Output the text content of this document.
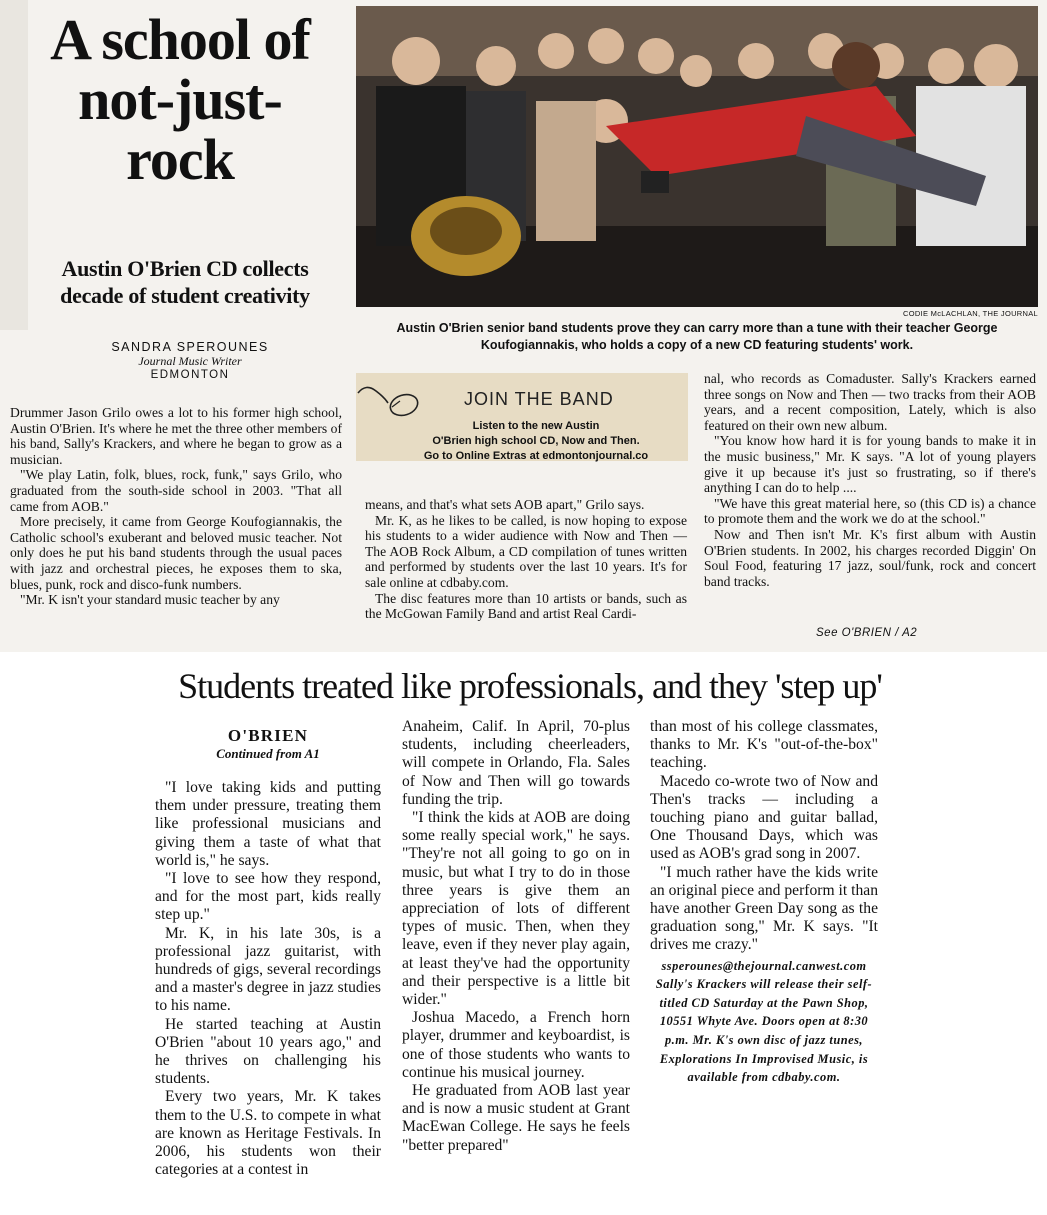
A school of not-just-rock
Austin O'Brien CD collects decade of student creativity
CODIE McLACHLAN, THE JOURNAL
Austin O'Brien senior band students prove they can carry more than a tune with their teacher George Koufogiannakis, who holds a copy of a new CD featuring students' work.
SANDRA SPEROUNES
Journal Music Writer
EDMONTON

Drummer Jason Grilo owes a lot to his former high school, Austin O'Brien. It's where he met the three other members of his band, Sally's Krackers, and where he began to grow as a musician.

"We play Latin, folk, blues, rock, funk," says Grilo, who graduated from the south-side school in 2003. "That all came from AOB."

More precisely, it came from George Koufogiannakis, the Catholic school's exuberant and beloved music teacher. Not only does he put his band students through the usual paces with jazz and orchestral pieces, he exposes them to ska, blues, punk, rock and disco-funk numbers.

"Mr. K isn't your standard music teacher by any

JOIN THE BAND
Listen to the new Austin
O'Brien high school CD, Now and Then.
Go to Online Extras at edmontonjournal.co

means, and that's what sets AOB apart," Grilo says.

Mr. K, as he likes to be called, is now hoping to expose his students to a wider audience with Now and Then — The AOB Rock Album, a CD compilation of tunes written and performed by students over the last 10 years. It's for sale online at cdbaby.com.

The disc features more than 10 artists or bands, such as the McGowan Family Band and artist Real Cardi-

nal, who records as Comaduster. Sally's Krackers earned three songs on Now and Then — two tracks from their AOB years, and a recent composition, Lately, which is also featured on their own new album.

"You know how hard it is for young bands to make it in the music business," Mr. K says. "A lot of young players give it up because it's just so frustrating, so if there's anything I can do to help ....

"We have this great material here, so (this CD is) a chance to promote them and the work we do at the school."

Now and Then isn't Mr. K's first album with Austin O'Brien students. In 2002, his charges recorded Diggin' On Soul Food, featuring 17 jazz, soul/funk, rock and concert band tracks.

See O'BRIEN / A2
Students treated like professionals, and they 'step up'
O'BRIEN
Continued from A1

"I love taking kids and putting them under pressure, treating them like professional musicians and giving them a taste of what that world is," he says.

"I love to see how they respond, and for the most part, kids really step up."

Mr. K, in his late 30s, is a professional jazz guitarist, with hundreds of gigs, several recordings and a master's degree in jazz studies to his name.

He started teaching at Austin O'Brien "about 10 years ago," and he thrives on challenging his students.

Every two years, Mr. K takes them to the U.S. to compete in what are known as Heritage Festivals. In 2006, his students won their categories at a contest in

Anaheim, Calif. In April, 70-plus students, including cheerleaders, will compete in Orlando, Fla. Sales of Now and Then will go towards funding the trip.

"I think the kids at AOB are doing some really special work," he says. "They're not all going to go on in music, but what I try to do in those three years is give them an appreciation of lots of different types of music. Then, when they leave, even if they never play again, at least they've had the opportunity and their perspective is a little bit wider."

Joshua Macedo, a French horn player, drummer and keyboardist, is one of those students who wants to continue his musical journey.

He graduated from AOB last year and is now a music student at Grant MacEwan College. He says he feels "better prepared"

than most of his college classmates, thanks to Mr. K's "out-of-the-box" teaching.

Macedo co-wrote two of Now and Then's tracks — including a touching piano and guitar ballad, One Thousand Days, which was used as AOB's grad song in 2007.

"I much rather have the kids write an original piece and perform it than have another Green Day song as the graduation song," Mr. K says. "It drives me crazy."

ssperounes@thejournal.canwest.com

Sally's Krackers will release their self-titled CD Saturday at the Pawn Shop, 10551 Whyte Ave. Doors open at 8:30 p.m. Mr. K's own disc of jazz tunes, Explorations In Improvised Music, is available from cdbaby.com.
